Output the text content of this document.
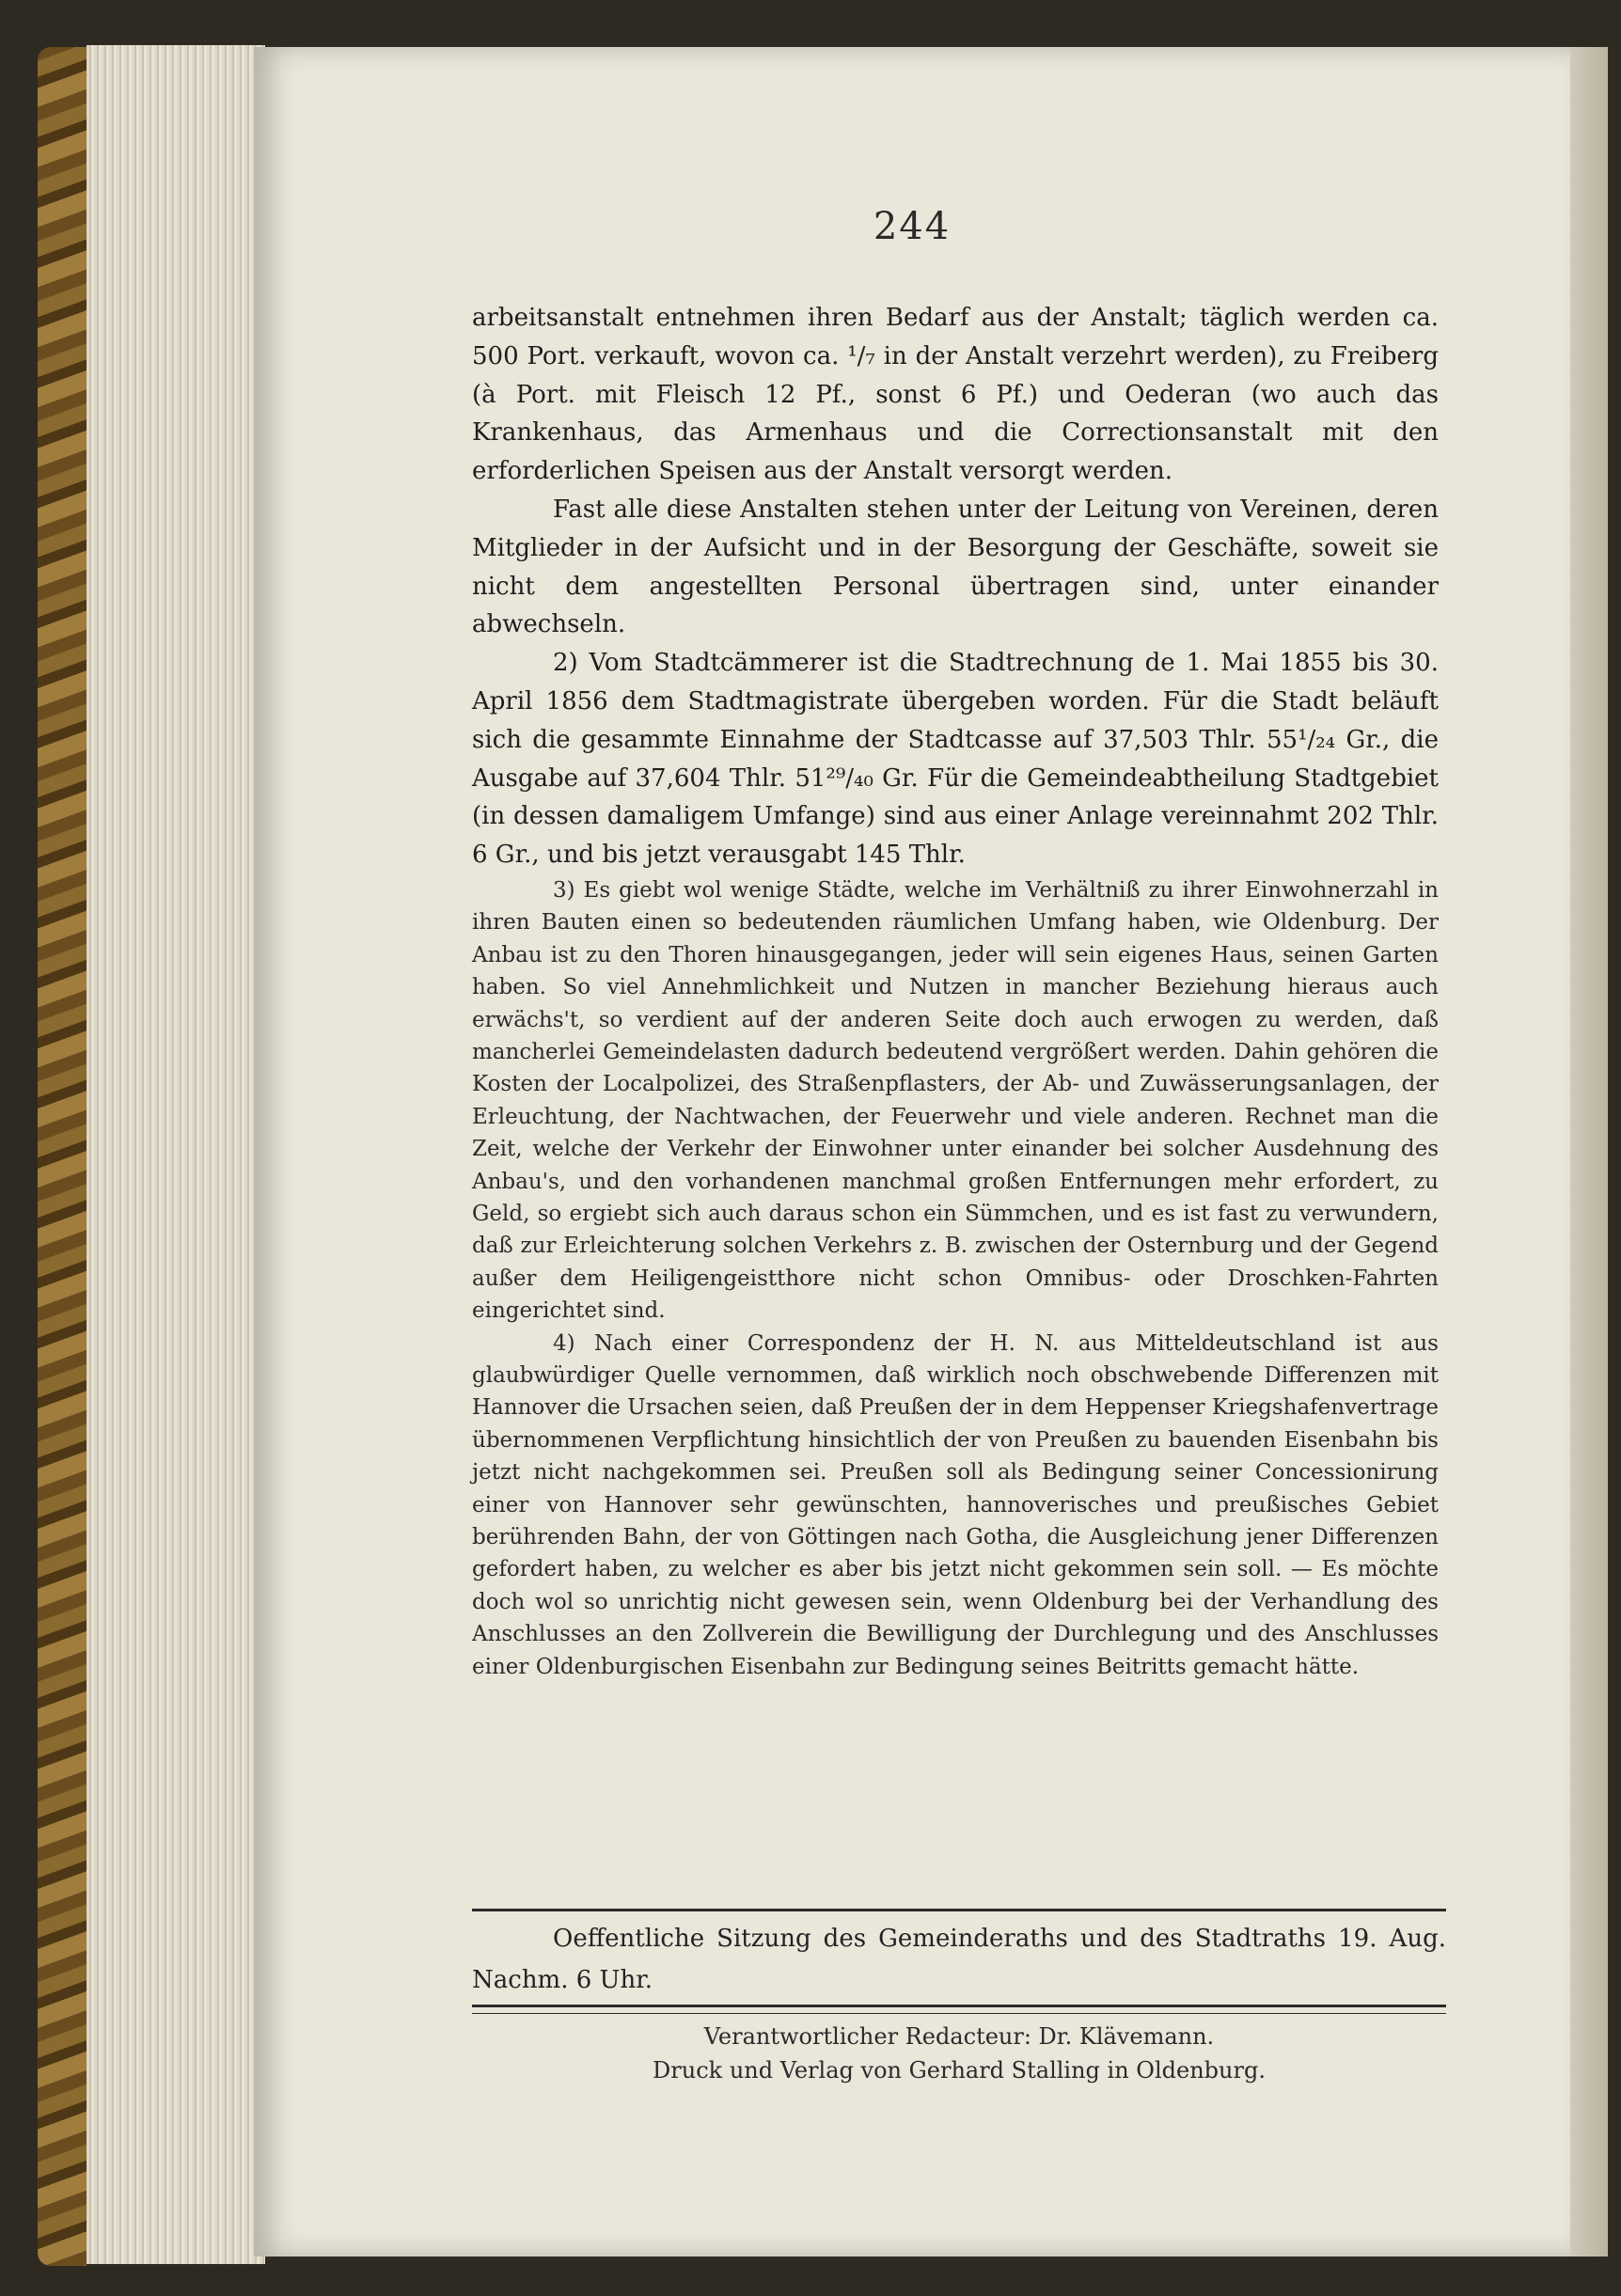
244

arbeitsanstalt entnehmen ihren Bedarf aus der Anstalt; täglich werden ca. 500 Port. verkauft, wovon ca. ¹/₇ in der Anstalt verzehrt werden), zu Freiberg (à Port. mit Fleisch 12 Pf., sonst 6 Pf.) und Oederan (wo auch das Krankenhaus, das Armenhaus und die Correctionsanstalt mit den erforderlichen Speisen aus der Anstalt versorgt werden.

Fast alle diese Anstalten stehen unter der Leitung von Vereinen, deren Mitglieder in der Aufsicht und in der Besorgung der Geschäfte, soweit sie nicht dem angestellten Personal übertragen sind, unter einander abwechseln.

2) Vom Stadtcämmerer ist die Stadtrechnung de 1. Mai 1855 bis 30. April 1856 dem Stadtmagistrate übergeben worden. Für die Stadt beläuft sich die gesammte Einnahme der Stadtcasse auf 37,503 Thlr. 55¹/₂₄ Gr., die Ausgabe auf 37,604 Thlr. 51²⁹/₄₀ Gr. Für die Gemeindeabtheilung Stadtgebiet (in dessen damaligem Umfange) sind aus einer Anlage vereinnahmt 202 Thlr. 6 Gr., und bis jetzt verausgabt 145 Thlr.

3) Es giebt wol wenige Städte, welche im Verhältniß zu ihrer Einwohnerzahl in ihren Bauten einen so bedeutenden räumlichen Umfang haben, wie Oldenburg. Der Anbau ist zu den Thoren hinausgegangen, jeder will sein eigenes Haus, seinen Garten haben. So viel Annehmlichkeit und Nutzen in mancher Beziehung hieraus auch erwächs't, so verdient auf der anderen Seite doch auch erwogen zu werden, daß mancherlei Gemeindelasten dadurch bedeutend vergrößert werden. Dahin gehören die Kosten der Localpolizei, des Straßenpflasters, der Ab- und Zuwässerungsanlagen, der Erleuchtung, der Nachtwachen, der Feuerwehr und viele anderen. Rechnet man die Zeit, welche der Verkehr der Einwohner unter einander bei solcher Ausdehnung des Anbau's, und den vorhandenen manchmal großen Entfernungen mehr erfordert, zu Geld, so ergiebt sich auch daraus schon ein Sümmchen, und es ist fast zu verwundern, daß zur Erleichterung solchen Verkehrs z. B. zwischen der Osternburg und der Gegend außer dem Heiligengeistthore nicht schon Omnibus- oder Droschken-Fahrten eingerichtet sind.

4) Nach einer Correspondenz der H. N. aus Mitteldeutschland ist aus glaubwürdiger Quelle vernommen, daß wirklich noch obschwebende Differenzen mit Hannover die Ursachen seien, daß Preußen der in dem Heppenser Kriegshafenvertrage übernommenen Verpflichtung hinsichtlich der von Preußen zu bauenden Eisenbahn bis jetzt nicht nachgekommen sei. Preußen soll als Bedingung seiner Concessionirung einer von Hannover sehr gewünschten, hannoverisches und preußisches Gebiet berührenden Bahn, der von Göttingen nach Gotha, die Ausgleichung jener Differenzen gefordert haben, zu welcher es aber bis jetzt nicht gekommen sein soll. — Es möchte doch wol so unrichtig nicht gewesen sein, wenn Oldenburg bei der Verhandlung des Anschlusses an den Zollverein die Bewilligung der Durchlegung und des Anschlusses einer Oldenburgischen Eisenbahn zur Bedingung seines Beitritts gemacht hätte.

Oeffentliche Sitzung des Gemeinderaths und des Stadtraths 19. Aug. Nachm. 6 Uhr.

Verantwortlicher Redacteur: Dr. Klävemann.
Druck und Verlag von Gerhard Stalling in Oldenburg.
